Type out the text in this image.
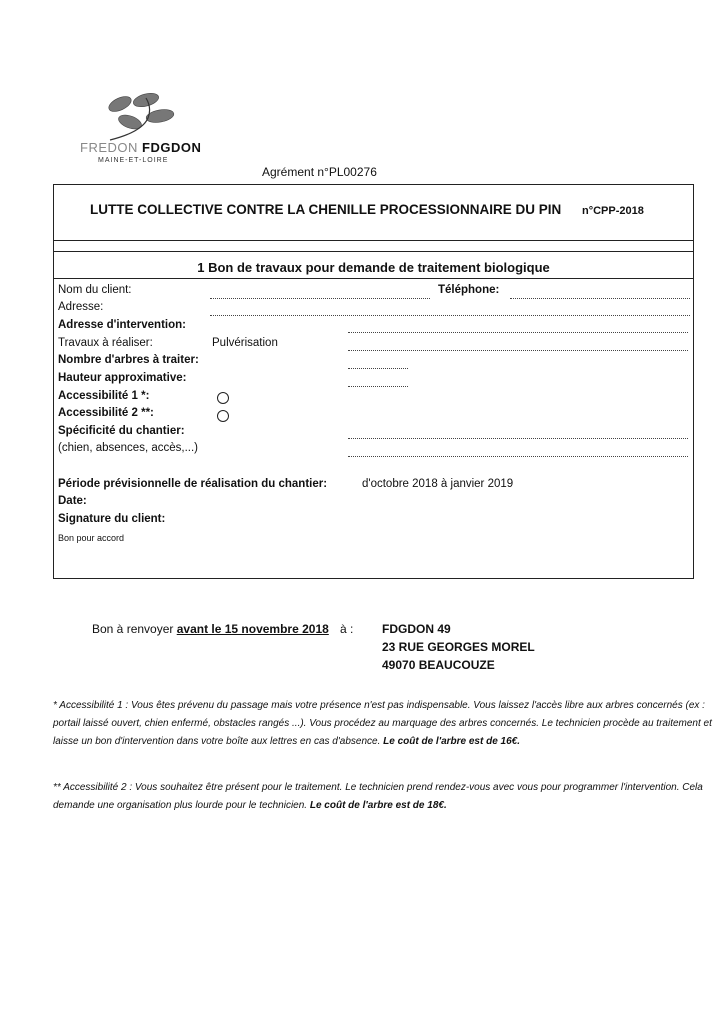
FREDON FDGDON
MAINE-ET-LOIRE
Agrément n°PL00276
LUTTE COLLECTIVE CONTRE LA CHENILLE PROCESSIONNAIRE DU PIN n°CPP-2018
1 Bon de travaux pour demande de traitement biologique
Nom du client:	Téléphone:
Adresse:
Adresse d'intervention:
Travaux à réaliser:	Pulvérisation
Nombre d'arbres à traiter:
Hauteur approximative:
Accessibilité 1 *:
Accessibilité 2 **:
Spécificité du chantier:
(chien, absences, accès,...)
Période prévisionnelle de réalisation du chantier:	d'octobre 2018 à janvier 2019
Date:
Signature du client:
Bon pour accord
Bon à renvoyer avant le 15 novembre 2018 à : FDGDON 49
23 RUE GEORGES MOREL
49070 BEAUCOUZE

* Accessibilité 1 : Vous êtes prévenu du passage mais votre présence n'est pas indispensable. Vous laissez l'accès libre aux arbres concernés (ex : portail laissé ouvert, chien enfermé, obstacles rangés ...). Vous procédez au marquage des arbres concernés. Le technicien procède au traitement et laisse un bon d'intervention dans votre boîte aux lettres en cas d'absence. Le coût de l'arbre est de 16€.

** Accessibilité 2 : Vous souhaitez être présent pour le traitement. Le technicien prend rendez-vous avec vous pour programmer l'intervention. Cela demande une organisation plus lourde pour le technicien. Le coût de l'arbre est de 18€.
